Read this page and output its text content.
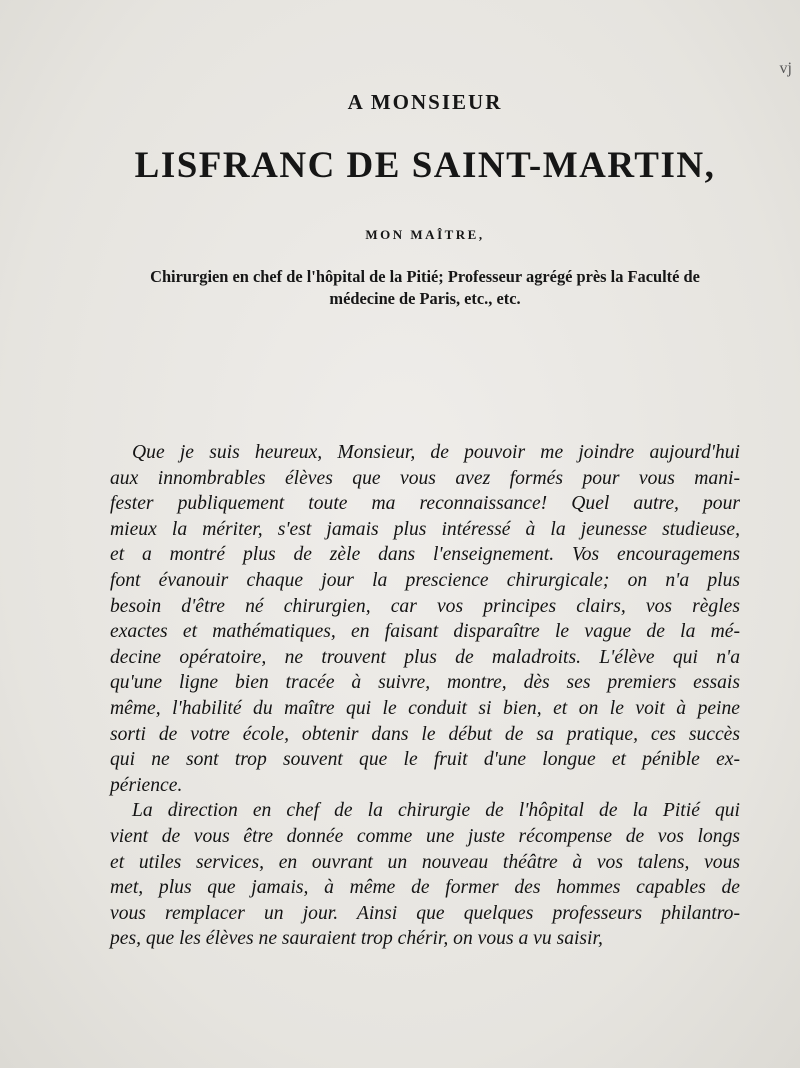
vj
A MONSIEUR
LISFRANC DE SAINT-MARTIN,
MON MAÎTRE,
Chirurgien en chef de l'hôpital de la Pitié; Professeur agrégé près la Faculté de
médecine de Paris, etc., etc.
Que je suis heureux, Monsieur, de pouvoir me joindre aujourd'hui
aux innombrables élèves que vous avez formés pour vous mani-
fester publiquement toute ma reconnaissance! Quel autre, pour
mieux la mériter, s'est jamais plus intéressé à la jeunesse studieuse,
et a montré plus de zèle dans l'enseignement. Vos encouragemens
font évanouir chaque jour la prescience chirurgicale; on n'a plus
besoin d'être né chirurgien, car vos principes clairs, vos règles
exactes et mathématiques, en faisant disparaître le vague de la mé-
decine opératoire, ne trouvent plus de maladroits. L'élève qui n'a
qu'une ligne bien tracée à suivre, montre, dès ses premiers essais
même, l'habilité du maître qui le conduit si bien, et on le voit à peine
sorti de votre école, obtenir dans le début de sa pratique, ces succès
qui ne sont trop souvent que le fruit d'une longue et pénible ex-
périence.
La direction en chef de la chirurgie de l'hôpital de la Pitié qui
vient de vous être donnée comme une juste récompense de vos longs
et utiles services, en ouvrant un nouveau théâtre à vos talens, vous
met, plus que jamais, à même de former des hommes capables de
vous remplacer un jour. Ainsi que quelques professeurs philantro-
pes, que les élèves ne sauraient trop chérir, on vous a vu saisir,
